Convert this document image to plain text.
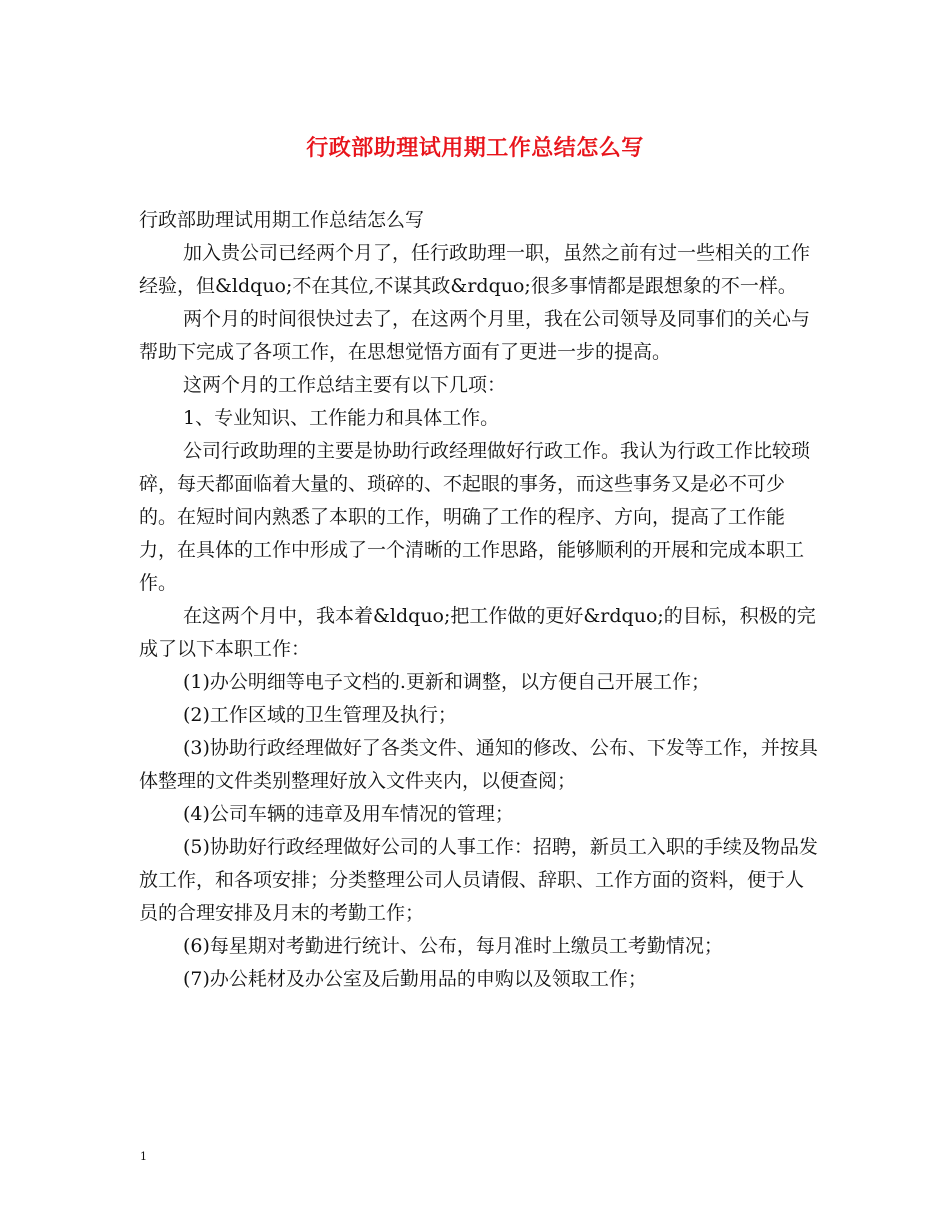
行政部助理试用期工作总结怎么写

行政部助理试用期工作总结怎么写

加入贵公司已经两个月了，任行政助理一职，虽然之前有过一些相关的工作经验，但&ldquo;不在其位,不谋其政&rdquo;很多事情都是跟想象的不一样。

两个月的时间很快过去了，在这两个月里，我在公司领导及同事们的关心与帮助下完成了各项工作，在思想觉悟方面有了更进一步的提高。

这两个月的工作总结主要有以下几项：

1、专业知识、工作能力和具体工作。

公司行政助理的主要是协助行政经理做好行政工作。我认为行政工作比较琐碎，每天都面临着大量的、琐碎的、不起眼的事务，而这些事务又是必不可少的。在短时间内熟悉了本职的工作，明确了工作的程序、方向，提高了工作能力，在具体的工作中形成了一个清晰的工作思路，能够顺利的开展和完成本职工作。

在这两个月中，我本着&ldquo;把工作做的更好&rdquo;的目标，积极的完成了以下本职工作：

(1)办公明细等电子文档的.更新和调整，以方便自己开展工作；

(2)工作区域的卫生管理及执行；

(3)协助行政经理做好了各类文件、通知的修改、公布、下发等工作，并按具体整理的文件类别整理好放入文件夹内，以便查阅；

(4)公司车辆的违章及用车情况的管理；

(5)协助好行政经理做好公司的人事工作：招聘，新员工入职的手续及物品发放工作，和各项安排；分类整理公司人员请假、辞职、工作方面的资料，便于人员的合理安排及月末的考勤工作；

(6)每星期对考勤进行统计、公布，每月准时上缴员工考勤情况；

(7)办公耗材及办公室及后勤用品的申购以及领取工作；

1
